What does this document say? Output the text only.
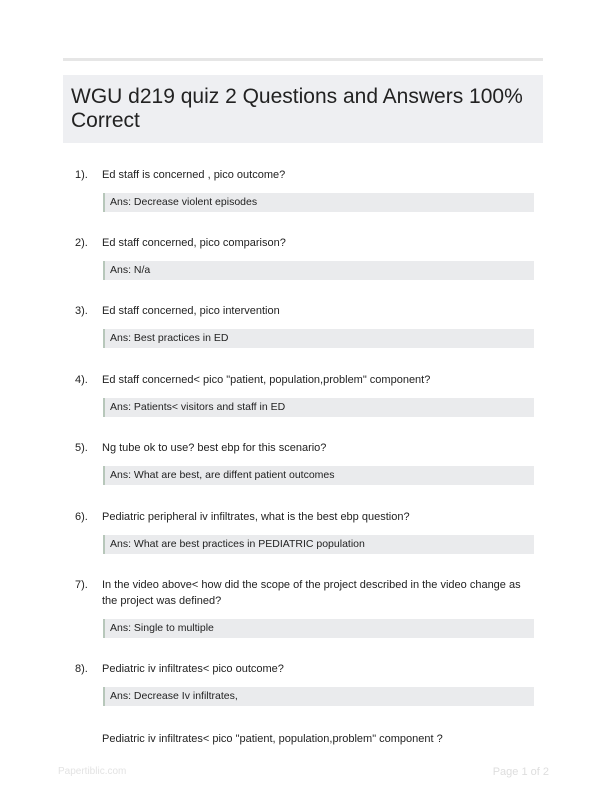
WGU d219 quiz 2 Questions and Answers 100% Correct
1). Ed staff is concerned , pico outcome?
Ans: Decrease violent episodes
2). Ed staff concerned, pico comparison?
Ans: N/a
3). Ed staff concerned, pico intervention
Ans: Best practices in ED
4). Ed staff concerned< pico "patient, population,problem" component?
Ans: Patients< visitors and staff in ED
5). Ng tube ok to use? best ebp for this scenario?
Ans: What are best, are diffent patient outcomes
6). Pediatric peripheral iv infiltrates, what is the best ebp question?
Ans: What are best practices in PEDIATRIC population
7). In the video above< how did the scope of the project described in the video change as the project was defined?
Ans: Single to multiple
8). Pediatric iv infiltrates< pico outcome?
Ans: Decrease Iv infiltrates,
Pediatric iv infiltrates< pico "patient, population,problem" component ?
Papertiblic.com	Page 1 of 2
